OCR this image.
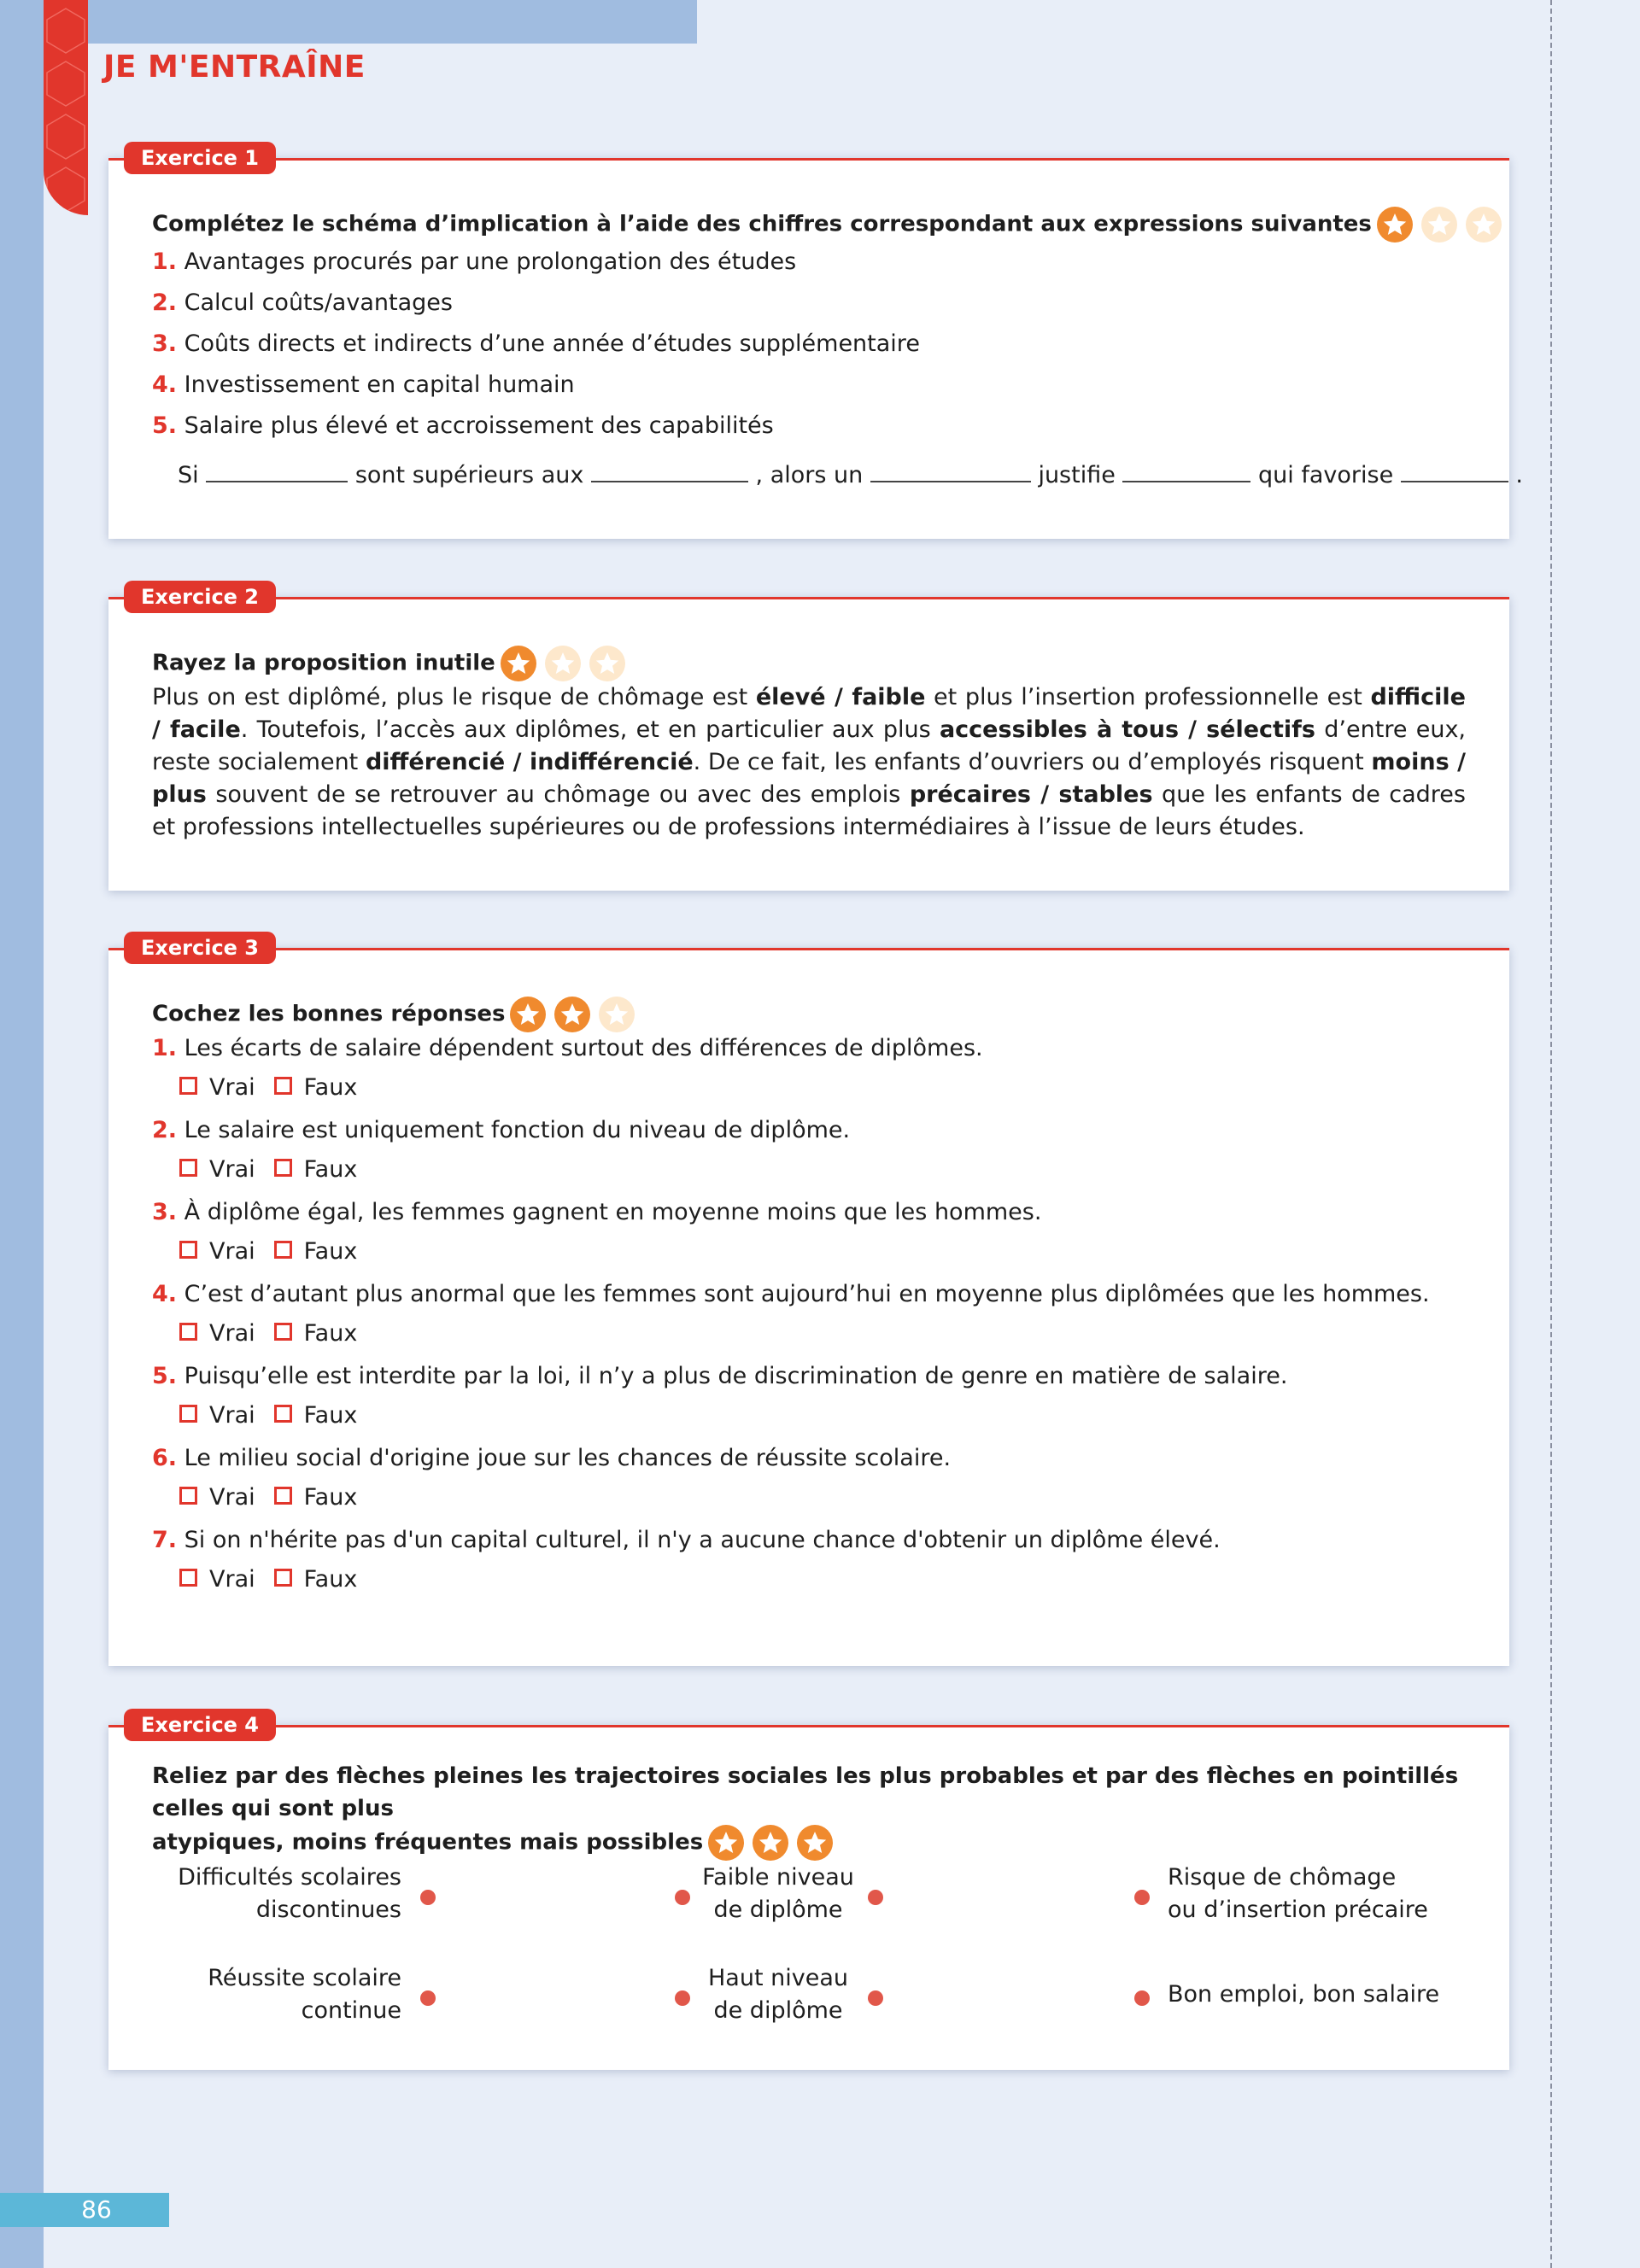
JE M'ENTRAÎNE
Exercice 1
Complétez le schéma d’implication à l’aide des chiffres correspondant aux expressions suivantes
1. Avantages procurés par une prolongation des études
2. Calcul coûts/avantages
3. Coûts directs et indirects d’une année d’études supplémentaire
4. Investissement en capital humain
5. Salaire plus élevé et accroissement des capabilités
Si	sont supérieurs aux	, alors un	justifie	qui favorise	.
Exercice 2
Rayez la proposition inutile
Plus on est diplômé, plus le risque de chômage est élevé / faible et plus l’insertion professionnelle est difficile / facile. Toutefois, l’accès aux diplômes, et en particulier aux plus accessibles à tous / sélectifs d’entre eux, reste socialement différencié / indifférencié. De ce fait, les enfants d’ouvriers ou d’employés risquent moins / plus souvent de se retrouver au chômage ou avec des emplois précaires / stables que les enfants de cadres et professions intellectuelles supérieures ou de professions intermédiaires à l’issue de leurs études.
Exercice 3
Cochez les bonnes réponses
1. Les écarts de salaire dépendent surtout des différences de diplômes.
Vrai Faux
2. Le salaire est uniquement fonction du niveau de diplôme.
Vrai Faux
3. À diplôme égal, les femmes gagnent en moyenne moins que les hommes.
Vrai Faux
4. C’est d’autant plus anormal que les femmes sont aujourd’hui en moyenne plus diplômées que les hommes.
Vrai Faux
5. Puisqu’elle est interdite par la loi, il n’y a plus de discrimination de genre en matière de salaire.
Vrai Faux
6. Le milieu social d'origine joue sur les chances de réussite scolaire.
Vrai Faux
7. Si on n'hérite pas d'un capital culturel, il n'y a aucune chance d'obtenir un diplôme élevé.
Vrai Faux
Exercice 4
Reliez par des flèches pleines les trajectoires sociales les plus probables et par des flèches en pointillés celles qui sont plus
atypiques, moins fréquentes mais possibles
Difficultés scolaires
discontinues
Réussite scolaire
continue
Faible niveau
de diplôme
Haut niveau
de diplôme
Risque de chômage
ou d’insertion précaire
Bon emploi, bon salaire
86
